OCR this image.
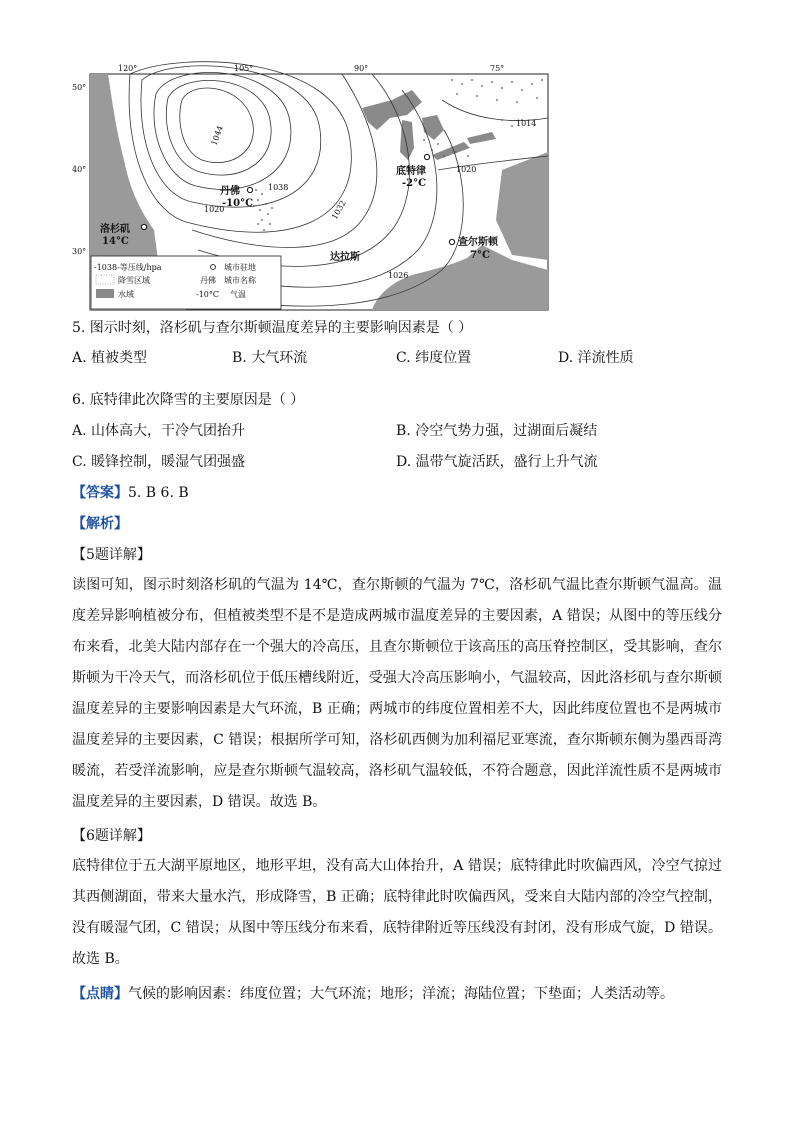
120°	105°	90°	75°
50°
40°
30°
1044
1038
1020	1032
1026
1020
1014
洛杉矶
14°C
丹佛
-10°C
底特律
-2°C
查尔斯顿
7°C
达拉斯
-1038-等压线/hpa
降雪区域
水域
城市驻地
丹佛 城市名称
-10°C 气温
5. 图示时刻，洛杉矶与查尔斯顿温度差异的主要影响因素是（ ）
A. 植被类型	B. 大气环流	C. 纬度位置	D. 洋流性质
6. 底特律此次降雪的主要原因是（ ）
A. 山体高大，干冷气团抬升	B. 冷空气势力强，过湖面后凝结
C. 暖锋控制，暖湿气团强盛	D. 温带气旋活跃，盛行上升气流
【答案】5. B 6. B
【解析】
【5题详解】
读图可知，图示时刻洛杉矶的气温为 14℃，查尔斯顿的气温为 7℃，洛杉矶气温比查尔斯顿气温高。温度差异影响植被分布，但植被类型不是不是造成两城市温度差异的主要因素，A 错误；从图中的等压线分布来看，北美大陆内部存在一个强大的冷高压，且查尔斯顿位于该高压的高压脊控制区，受其影响，查尔斯顿为干冷天气，而洛杉矶位于低压槽线附近，受强大冷高压影响小，气温较高，因此洛杉矶与查尔斯顿温度差异的主要影响因素是大气环流，B 正确；两城市的纬度位置相差不大，因此纬度位置也不是两城市温度差异的主要因素，C 错误；根据所学可知，洛杉矶西侧为加利福尼亚寒流，查尔斯顿东侧为墨西哥湾暖流，若受洋流影响，应是查尔斯顿气温较高，洛杉矶气温较低，不符合题意，因此洋流性质不是两城市温度差异的主要因素，D 错误。故选 B。
【6题详解】
底特律位于五大湖平原地区，地形平坦，没有高大山体抬升，A 错误；底特律此时吹偏西风，冷空气掠过其西侧湖面，带来大量水汽，形成降雪，B 正确；底特律此时吹偏西风，受来自大陆内部的冷空气控制，没有暖湿气团，C 错误；从图中等压线分布来看，底特律附近等压线没有封闭，没有形成气旋，D 错误。故选 B。
【点睛】气候的影响因素：纬度位置；大气环流；地形；洋流；海陆位置；下垫面；人类活动等。
